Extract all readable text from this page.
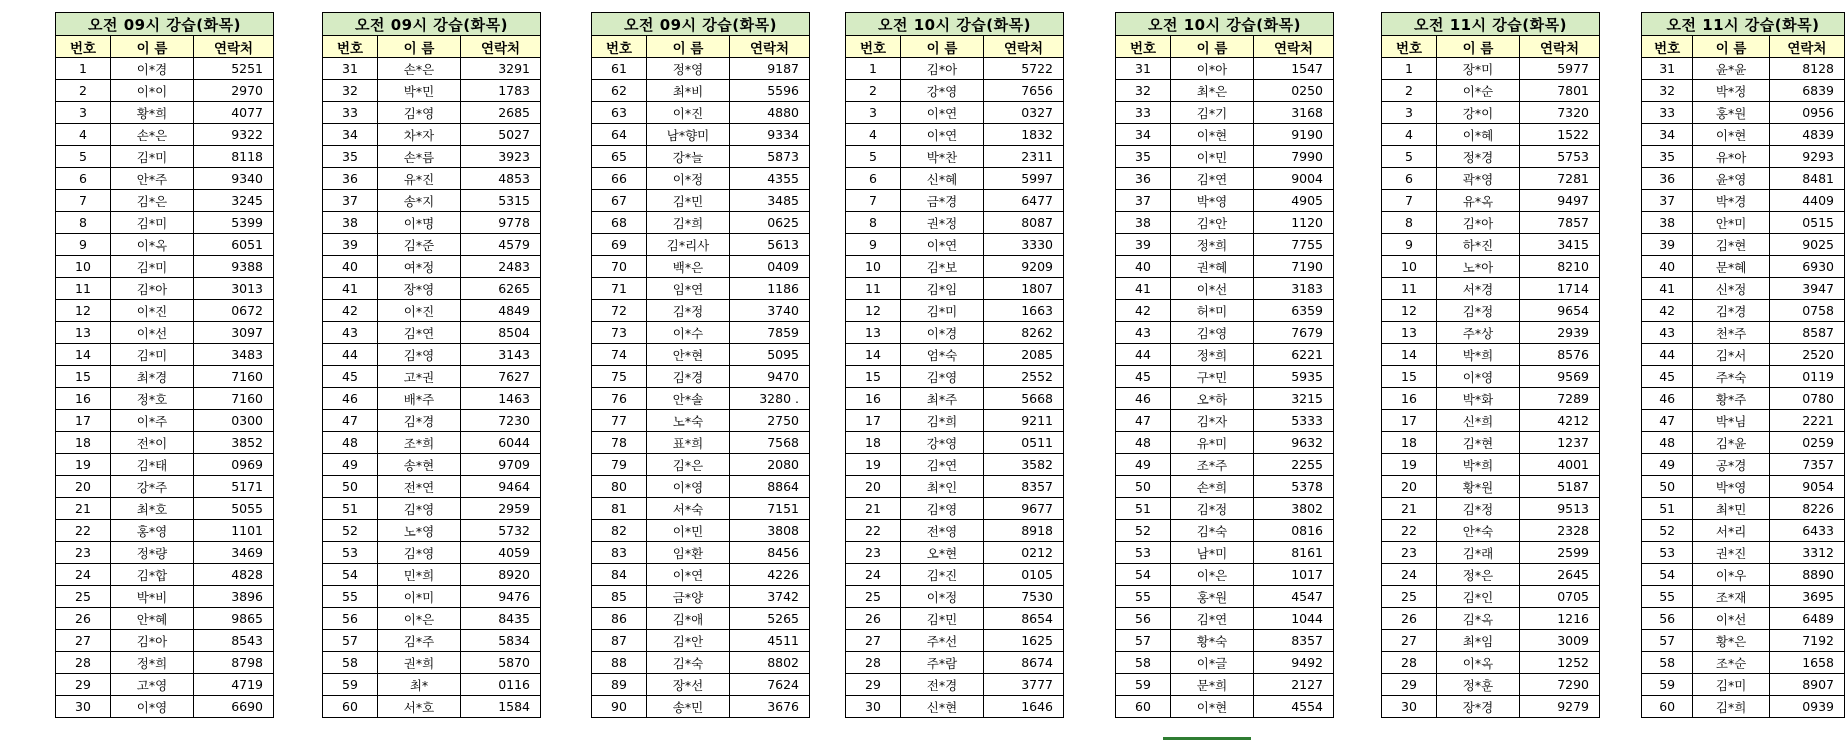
오전 09시 강습(화목)		
번호	이 름	연락처
1	이*경	5251
2	이*이	2970
3	황*희	4077
4	손*은	9322
5	김*미	8118
6	안*주	9340
7	김*은	3245
8	김*미	5399
9	이*옥	6051
10	김*미	9388
11	김*아	3013
12	이*진	0672
13	이*선	3097
14	김*미	3483
15	최*경	7160
16	정*호	7160
17	이*주	0300
18	전*이	3852
19	김*태	0969
20	강*주	5171
21	최*호	5055
22	홍*영	1101
23	정*량	3469
24	김*합	4828
25	박*비	3896
26	안*혜	9865
27	김*아	8543
28	정*희	8798
29	고*영	4719
30	이*영	6690
오전 09시 강습(화목)		
번호	이 름	연락처
31	손*은	3291
32	박*민	1783
33	김*영	2685
34	차*자	5027
35	손*름	3923
36	유*진	4853
37	송*지	5315
38	이*명	9778
39	김*준	4579
40	여*정	2483
41	장*영	6265
42	이*진	4849
43	김*연	8504
44	김*영	3143
45	고*권	7627
46	배*주	1463
47	김*경	7230
48	조*희	6044
49	송*현	9709
50	전*연	9464
51	김*영	2959
52	노*영	5732
53	김*영	4059
54	민*희	8920
55	이*미	9476
56	이*은	8435
57	김*주	5834
58	권*희	5870
59	최*	0116
60	서*호	1584
오전 09시 강습(화목)		
번호	이 름	연락처
61	정*영	9187
62	최*비	5596
63	이*진	4880
64	남*향미	9334
65	강*늘	5873
66	이*정	4355
67	김*민	3485
68	김*희	0625
69	김*리사	5613
70	백*은	0409
71	임*연	1186
72	김*정	3740
73	이*수	7859
74	안*현	5095
75	김*경	9470
76	안*솔	3280 .
77	노*숙	2750
78	표*희	7568
79	김*은	2080
80	이*영	8864
81	서*숙	7151
82	이*민	3808
83	임*환	8456
84	이*연	4226
85	금*양	3742
86	김*애	5265
87	김*안	4511
88	김*숙	8802
89	장*선	7624
90	송*민	3676
오전 10시 강습(화목)		
번호	이 름	연락처
1	김*아	5722
2	강*영	7656
3	이*연	0327
4	이*연	1832
5	박*찬	2311
6	신*혜	5997
7	금*경	6477
8	권*정	8087
9	이*연	3330
10	김*보	9209
11	김*임	1807
12	김*미	1663
13	이*경	8262
14	엄*숙	2085
15	김*영	2552
16	최*주	5668
17	김*희	9211
18	강*영	0511
19	김*연	3582
20	최*인	8357
21	김*영	9677
22	전*영	8918
23	오*현	0212
24	김*진	0105
25	이*정	7530
26	김*민	8654
27	주*선	1625
28	주*람	8674
29	전*경	3777
30	신*현	1646
오전 10시 강습(화목)		
번호	이 름	연락처
31	이*아	1547
32	최*은	0250
33	김*기	3168
34	이*현	9190
35	이*민	7990
36	김*연	9004
37	박*영	4905
38	김*안	1120
39	정*희	7755
40	권*혜	7190
41	이*선	3183
42	허*미	6359
43	김*영	7679
44	정*희	6221
45	구*민	5935
46	오*하	3215
47	김*자	5333
48	유*미	9632
49	조*주	2255
50	손*희	5378
51	김*정	3802
52	김*숙	0816
53	남*미	8161
54	이*은	1017
55	홍*원	4547
56	김*연	1044
57	황*숙	8357
58	이*글	9492
59	문*희	2127
60	이*현	4554
오전 11시 강습(화목)		
번호	이 름	연락처
1	장*미	5977
2	이*순	7801
3	강*이	7320
4	이*혜	1522
5	정*경	5753
6	곽*영	7281
7	유*옥	9497
8	김*아	7857
9	하*진	3415
10	노*아	8210
11	서*경	1714
12	김*정	9654
13	주*상	2939
14	박*희	8576
15	이*영	9569
16	박*화	7289
17	신*희	4212
18	김*현	1237
19	박*희	4001
20	황*원	5187
21	김*정	9513
22	안*숙	2328
23	김*래	2599
24	정*은	2645
25	김*인	0705
26	김*옥	1216
27	최*임	3009
28	이*옥	1252
29	정*훈	7290
30	장*경	9279
오전 11시 강습(화목)		
번호	이 름	연락처
31	윤*윤	8128
32	박*정	6839
33	홍*원	0956
34	이*현	4839
35	유*아	9293
36	윤*영	8481
37	박*경	4409
38	안*미	0515
39	김*현	9025
40	문*혜	6930
41	신*정	3947
42	김*경	0758
43	천*주	8587
44	김*서	2520
45	주*숙	0119
46	황*주	0780
47	박*님	2221
48	김*윤	0259
49	공*경	7357
50	박*영	9054
51	최*민	8226
52	서*리	6433
53	권*진	3312
54	이*우	8890
55	조*재	3695
56	이*선	6489
57	황*은	7192
58	조*순	1658
59	김*미	8907
60	김*희	0939
